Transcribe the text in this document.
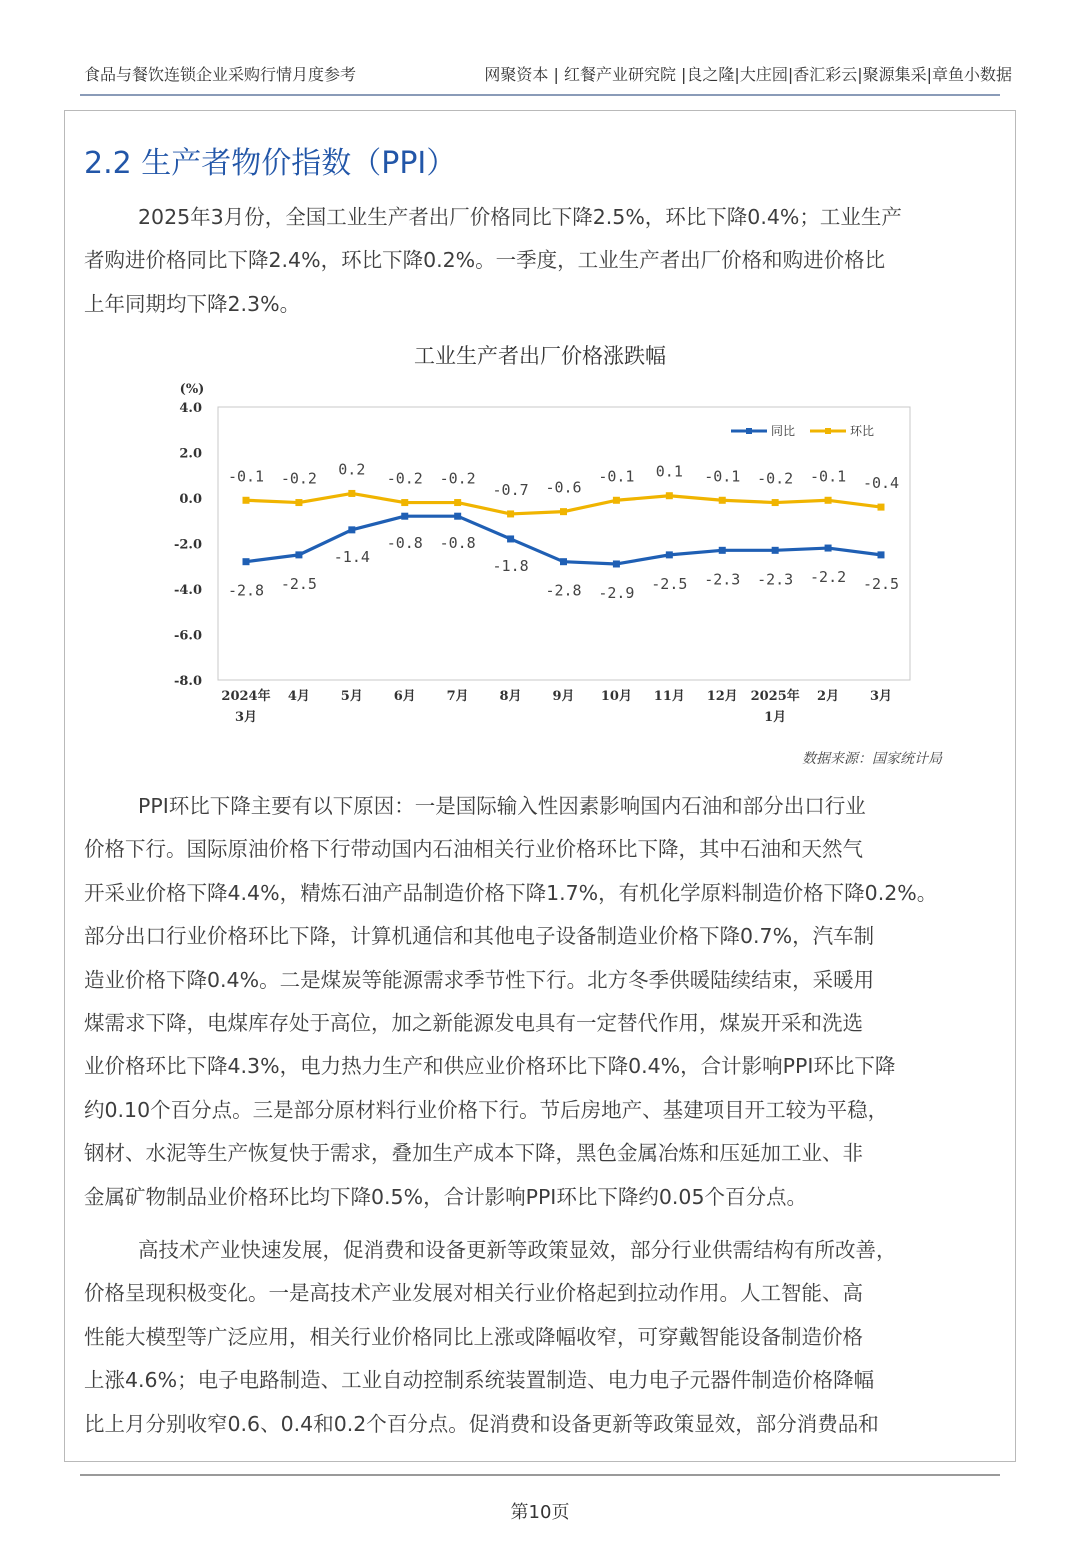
食品与餐饮连锁企业采购行情月度参考	网聚资本 | 红餐产业研究院 |良之隆|大庄园|香汇彩云|聚源集采|章鱼小数据
2.2 生产者物价指数（PPI）
2025年3月份，全国工业生产者出厂价格同比下降2.5%，环比下降0.4%；工业生产
者购进价格同比下降2.4%，环比下降0.2%。一季度，工业生产者出厂价格和购进价格比
上年同期均下降2.3%。
工业生产者出厂价格涨跌幅
(%)
4.0
2.0
0.0
-2.0
-4.0
-6.0
-8.0
2024年
3月
4月 5月 6月 7月 8月 9月 10月 11月 12月 2025年
1月
2月 3月
-2.8 -2.5
-1.4
-0.8 -0.8
-1.8
-2.8 -2.9
-2.5 -2.3 -2.3 -2.2 -2.5
-0.1 -0.2
0.2
-0.2 -0.2
-0.7 -0.6
-0.1 0.1 -0.1 -0.2 -0.1 -0.4
同比	环比
数据来源：国家统计局
PPI环比下降主要有以下原因：一是国际输入性因素影响国内石油和部分出口行业
价格下行。国际原油价格下行带动国内石油相关行业价格环比下降，其中石油和天然气
开采业价格下降4.4%，精炼石油产品制造价格下降1.7%，有机化学原料制造价格下降0.2%。
部分出口行业价格环比下降，计算机通信和其他电子设备制造业价格下降0.7%，汽车制
造业价格下降0.4%。二是煤炭等能源需求季节性下行。北方冬季供暖陆续结束，采暖用
煤需求下降，电煤库存处于高位，加之新能源发电具有一定替代作用，煤炭开采和洗选
业价格环比下降4.3%，电力热力生产和供应业价格环比下降0.4%，合计影响PPI环比下降
约0.10个百分点。三是部分原材料行业价格下行。节后房地产、基建项目开工较为平稳，
钢材、水泥等生产恢复快于需求，叠加生产成本下降，黑色金属冶炼和压延加工业、非
金属矿物制品业价格环比均下降0.5%，合计影响PPI环比下降约0.05个百分点。
高技术产业快速发展，促消费和设备更新等政策显效，部分行业供需结构有所改善，
价格呈现积极变化。一是高技术产业发展对相关行业价格起到拉动作用。人工智能、高
性能大模型等广泛应用，相关行业价格同比上涨或降幅收窄，可穿戴智能设备制造价格
上涨4.6%；电子电路制造、工业自动控制系统装置制造、电力电子元器件制造价格降幅
比上月分别收窄0.6、0.4和0.2个百分点。促消费和设备更新等政策显效，部分消费品和
第10页
